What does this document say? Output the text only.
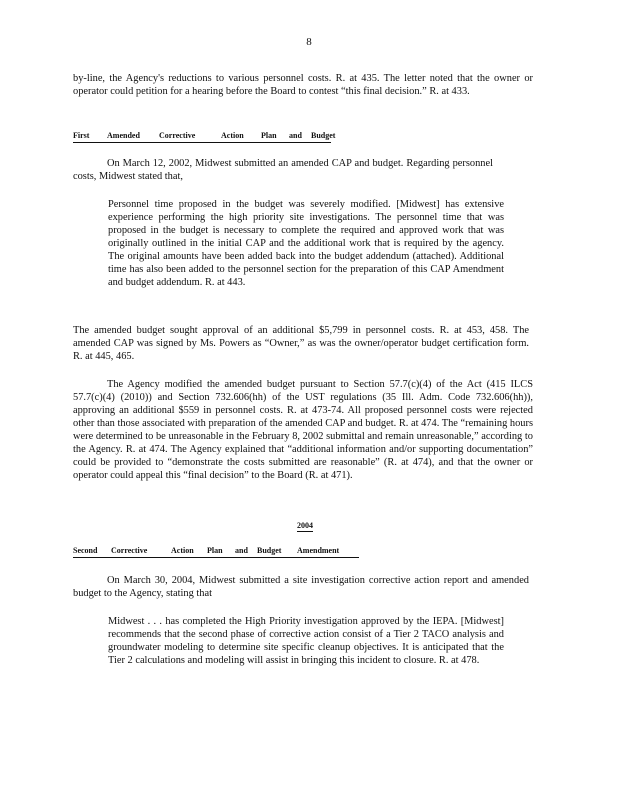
8

by-line, the Agency's reductions to various personnel costs. R. at 435. The letter noted that the owner or operator could petition for a hearing before the Board to contest “this final decision.” R. at 433.

First Amended Corrective	Action Plan and Budget

On March 12, 2002, Midwest submitted an amended CAP and budget. Regarding personnel costs, Midwest stated that,

Personnel time proposed in the budget was severely modified. [Midwest] has extensive experience performing the high priority site investigations. The personnel time that was proposed in the budget is necessary to complete the required and approved work that was originally outlined in the initial CAP and the additional work that is required by the agency. The original amounts have been added back into the budget addendum (attached). Additional time has also been added to the personnel section for the preparation of this CAP Amendment and budget addendum. R. at 443.

The amended budget sought approval of an additional $5,799 in personnel costs. R. at 453, 458. The amended CAP was signed by Ms. Powers as “Owner,” as was the owner/operator budget certification form. R. at 445, 465.

The Agency modified the amended budget pursuant to Section 57.7(c)(4) of the Act (415 ILCS 57.7(c)(4) (2010)) and Section 732.606(hh) of the UST regulations (35 Ill. Adm. Code 732.606(hh)), approving an additional $559 in personnel costs. R. at 473-74. All proposed personnel costs were rejected other than those associated with preparation of the amended CAP and budget. R. at 474. The “remaining hours were determined to be unreasonable in the February 8, 2002 submittal and remain unreasonable,” according to the Agency. R. at 474. The Agency explained that “additional information and/or supporting documentation” could be provided to “demonstrate the costs submitted are reasonable” (R. at 474), and that the owner or operator could appeal this “final decision” to the Board (R. at 471).

2004
Second Corrective	Action Plan and Budget Amendment

On March 30, 2004, Midwest submitted a site investigation corrective action report and amended budget to the Agency, stating that

Midwest . . . has completed the High Priority investigation approved by the IEPA. [Midwest] recommends that the second phase of corrective action consist of a Tier 2 TACO analysis and groundwater modeling to determine site specific cleanup objectives. It is anticipated that the Tier 2 calculations and modeling will assist in bringing this incident to closure. R. at 478.
